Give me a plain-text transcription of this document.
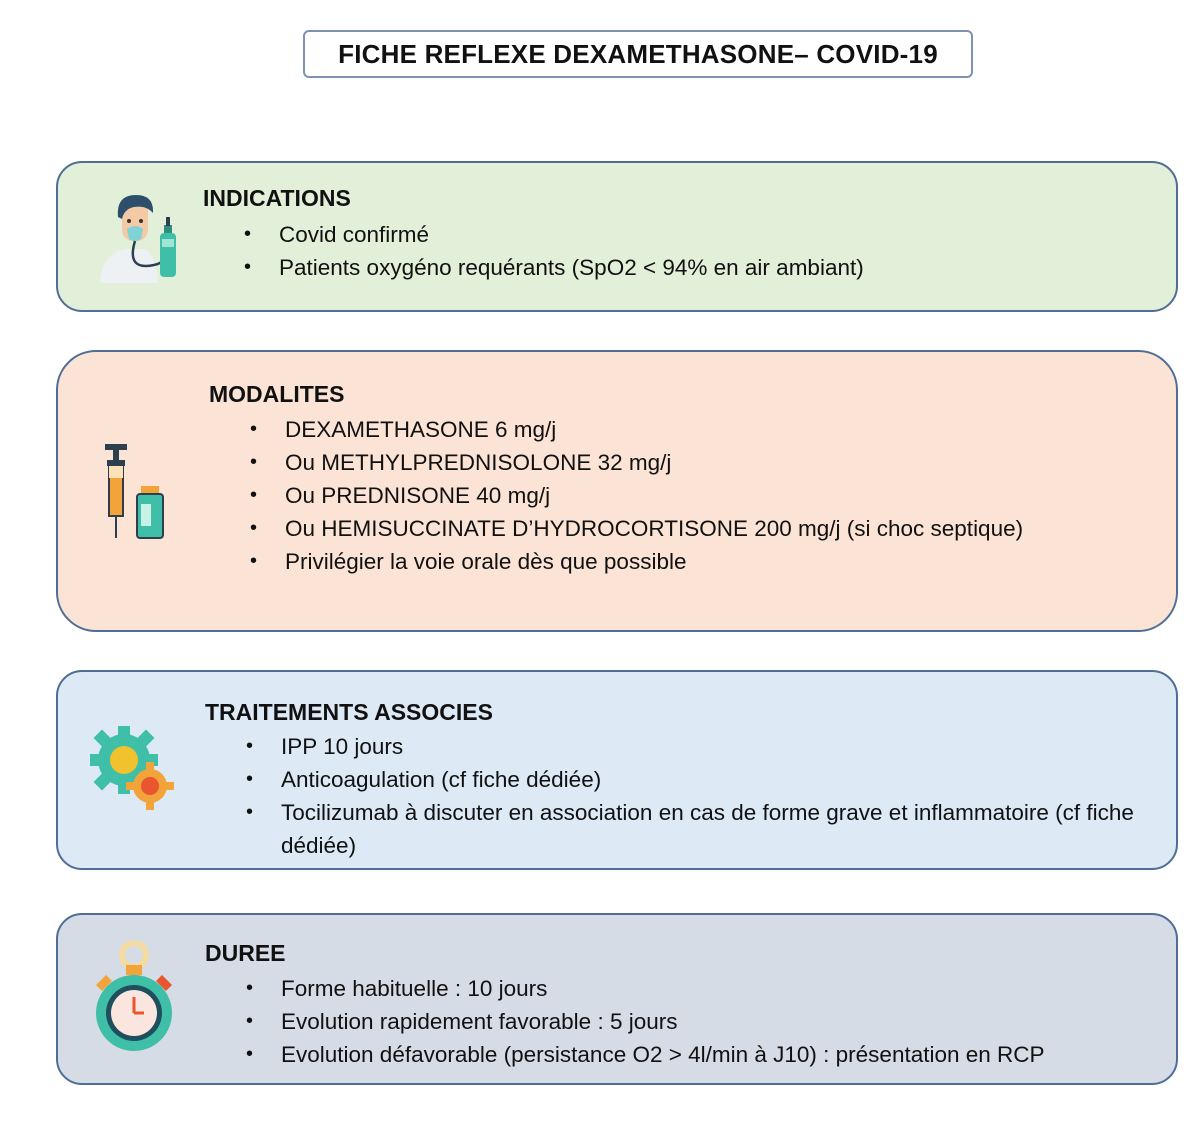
FICHE REFLEXE DEXAMETHASONE– COVID-19
INDICATIONS
• Covid confirmé
• Patients oxygéno requérants (SpO2 < 94% en air ambiant)
MODALITES
• DEXAMETHASONE 6 mg/j
• Ou METHYLPREDNISOLONE 32 mg/j
• Ou PREDNISONE 40 mg/j
• Ou HEMISUCCINATE D’HYDROCORTISONE 200 mg/j (si choc septique)
• Privilégier la voie orale dès que possible
TRAITEMENTS ASSOCIES
• IPP 10 jours
• Anticoagulation (cf fiche dédiée)
• Tocilizumab à discuter en association en cas de forme grave et inflammatoire (cf fiche dédiée)
DUREE
• Forme habituelle : 10 jours
• Evolution rapidement favorable : 5 jours
• Evolution défavorable (persistance O2 > 4l/min à J10) : présentation en RCP
